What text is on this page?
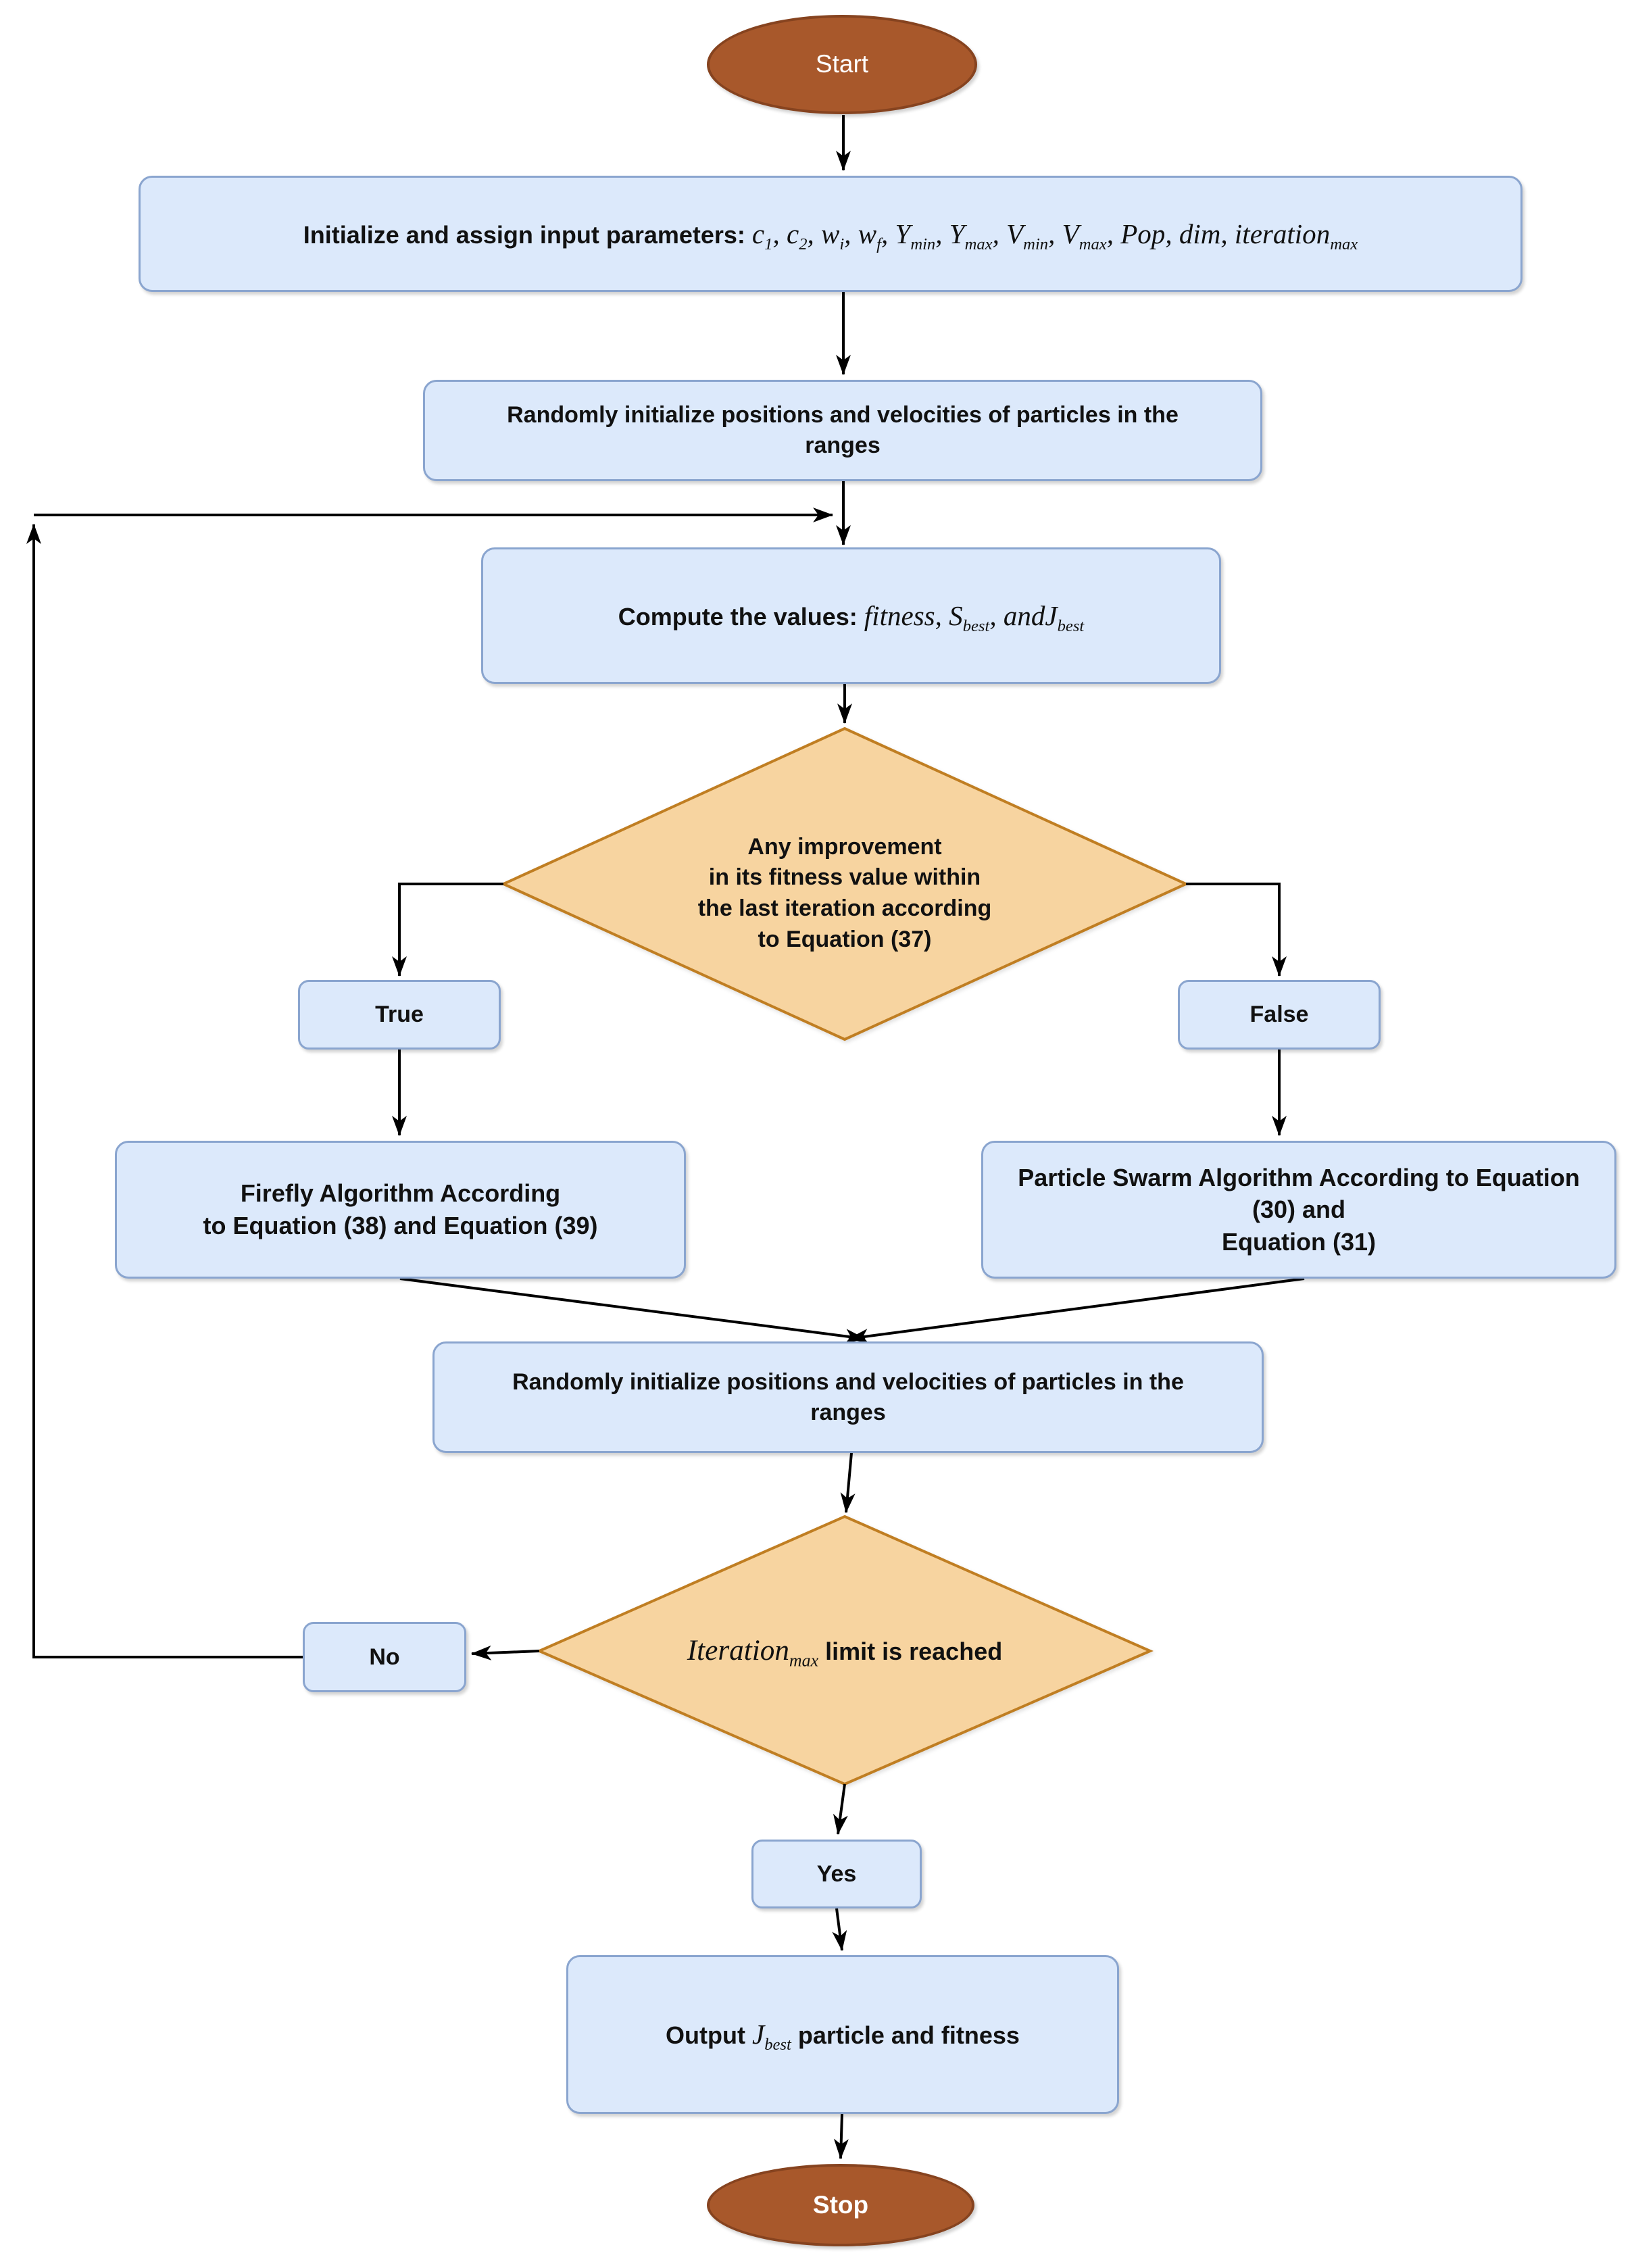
Start
Initialize and assign input parameters: $c_1$, $c_2$, $w_i$, $w_f$, $Y_{min}$, $Y_{max}$, $V_{min}$, $V_{max}$, Pop, dim, iteration$_{max}$
Randomly initialize positions and velocities of particles in the
ranges
Compute the values: fitness, $S_{best}$, andJ$_{best}$
Any improvement
in its fitness value within
the last iteration according
to Equation (37)
True	False
Firefly Algorithm According
to Equation (38) and Equation (39)
Particle Swarm Algorithm According to Equation
(30) and
Equation (31)
Randomly initialize positions and velocities of particles in the
ranges
Iteration$_{max}$ limit is reached
No
Yes
Output $J_{best}$ particle and fitness
Stop
